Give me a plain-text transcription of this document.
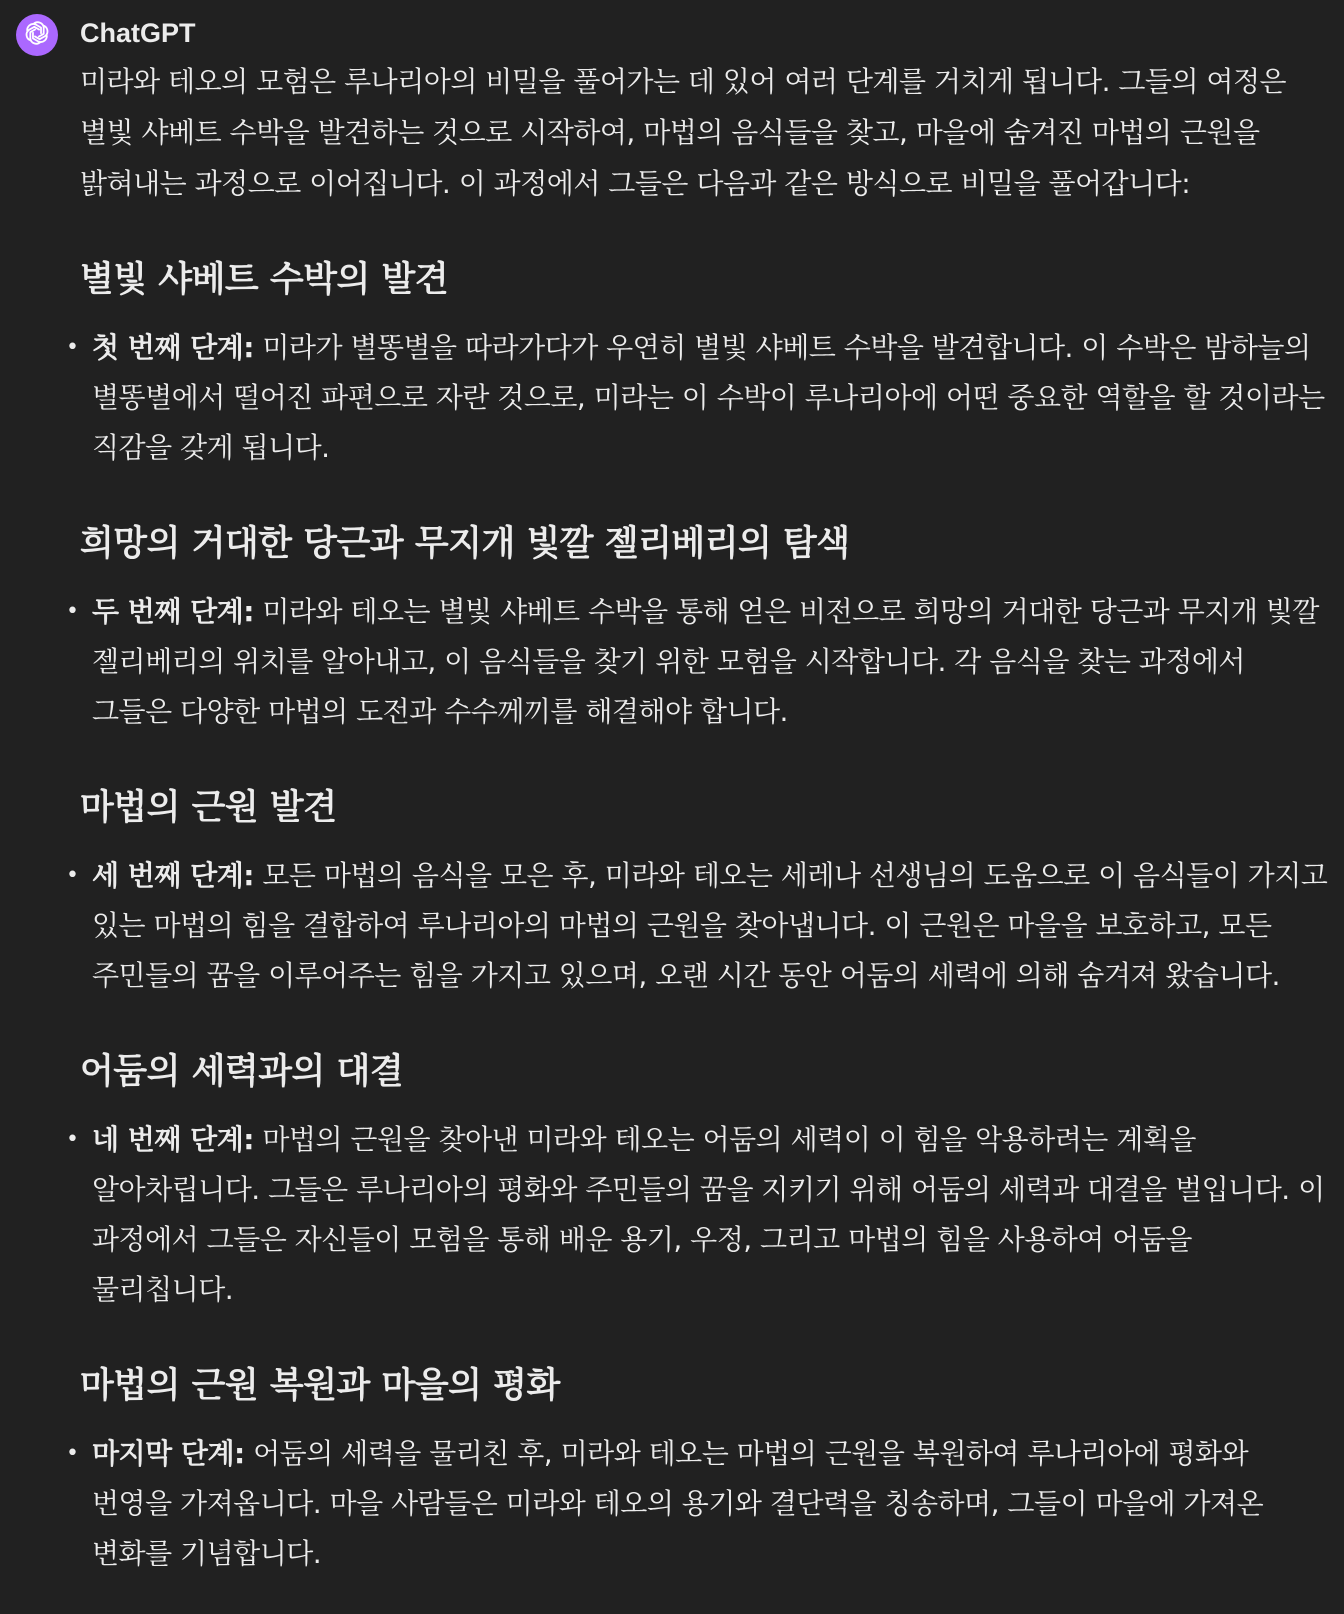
ChatGPT

미라와 테오의 모험은 루나리아의 비밀을 풀어가는 데 있어 여러 단계를 거치게 됩니다. 그들의 여정은 별빛 샤베트 수박을 발견하는 것으로 시작하여, 마법의 음식들을 찾고, 마을에 숨겨진 마법의 근원을 밝혀내는 과정으로 이어집니다. 이 과정에서 그들은 다음과 같은 방식으로 비밀을 풀어갑니다:

별빛 샤베트 수박의 발견

• 첫 번째 단계: 미라가 별똥별을 따라가다가 우연히 별빛 샤베트 수박을 발견합니다. 이 수박은 밤하늘의 별똥별에서 떨어진 파편으로 자란 것으로, 미라는 이 수박이 루나리아에 어떤 중요한 역할을 할 것이라는 직감을 갖게 됩니다.

희망의 거대한 당근과 무지개 빛깔 젤리베리의 탐색

• 두 번째 단계: 미라와 테오는 별빛 샤베트 수박을 통해 얻은 비전으로 희망의 거대한 당근과 무지개 빛깔 젤리베리의 위치를 알아내고, 이 음식들을 찾기 위한 모험을 시작합니다. 각 음식을 찾는 과정에서 그들은 다양한 마법의 도전과 수수께끼를 해결해야 합니다.

마법의 근원 발견

• 세 번째 단계: 모든 마법의 음식을 모은 후, 미라와 테오는 세레나 선생님의 도움으로 이 음식들이 가지고 있는 마법의 힘을 결합하여 루나리아의 마법의 근원을 찾아냅니다. 이 근원은 마을을 보호하고, 모든 주민들의 꿈을 이루어주는 힘을 가지고 있으며, 오랜 시간 동안 어둠의 세력에 의해 숨겨져 왔습니다.

어둠의 세력과의 대결

• 네 번째 단계: 마법의 근원을 찾아낸 미라와 테오는 어둠의 세력이 이 힘을 악용하려는 계획을 알아차립니다. 그들은 루나리아의 평화와 주민들의 꿈을 지키기 위해 어둠의 세력과 대결을 벌입니다. 이 과정에서 그들은 자신들이 모험을 통해 배운 용기, 우정, 그리고 마법의 힘을 사용하여 어둠을 물리칩니다.

마법의 근원 복원과 마을의 평화

• 마지막 단계: 어둠의 세력을 물리친 후, 미라와 테오는 마법의 근원을 복원하여 루나리아에 평화와 번영을 가져옵니다. 마을 사람들은 미라와 테오의 용기와 결단력을 칭송하며, 그들이 마을에 가져온 변화를 기념합니다.
